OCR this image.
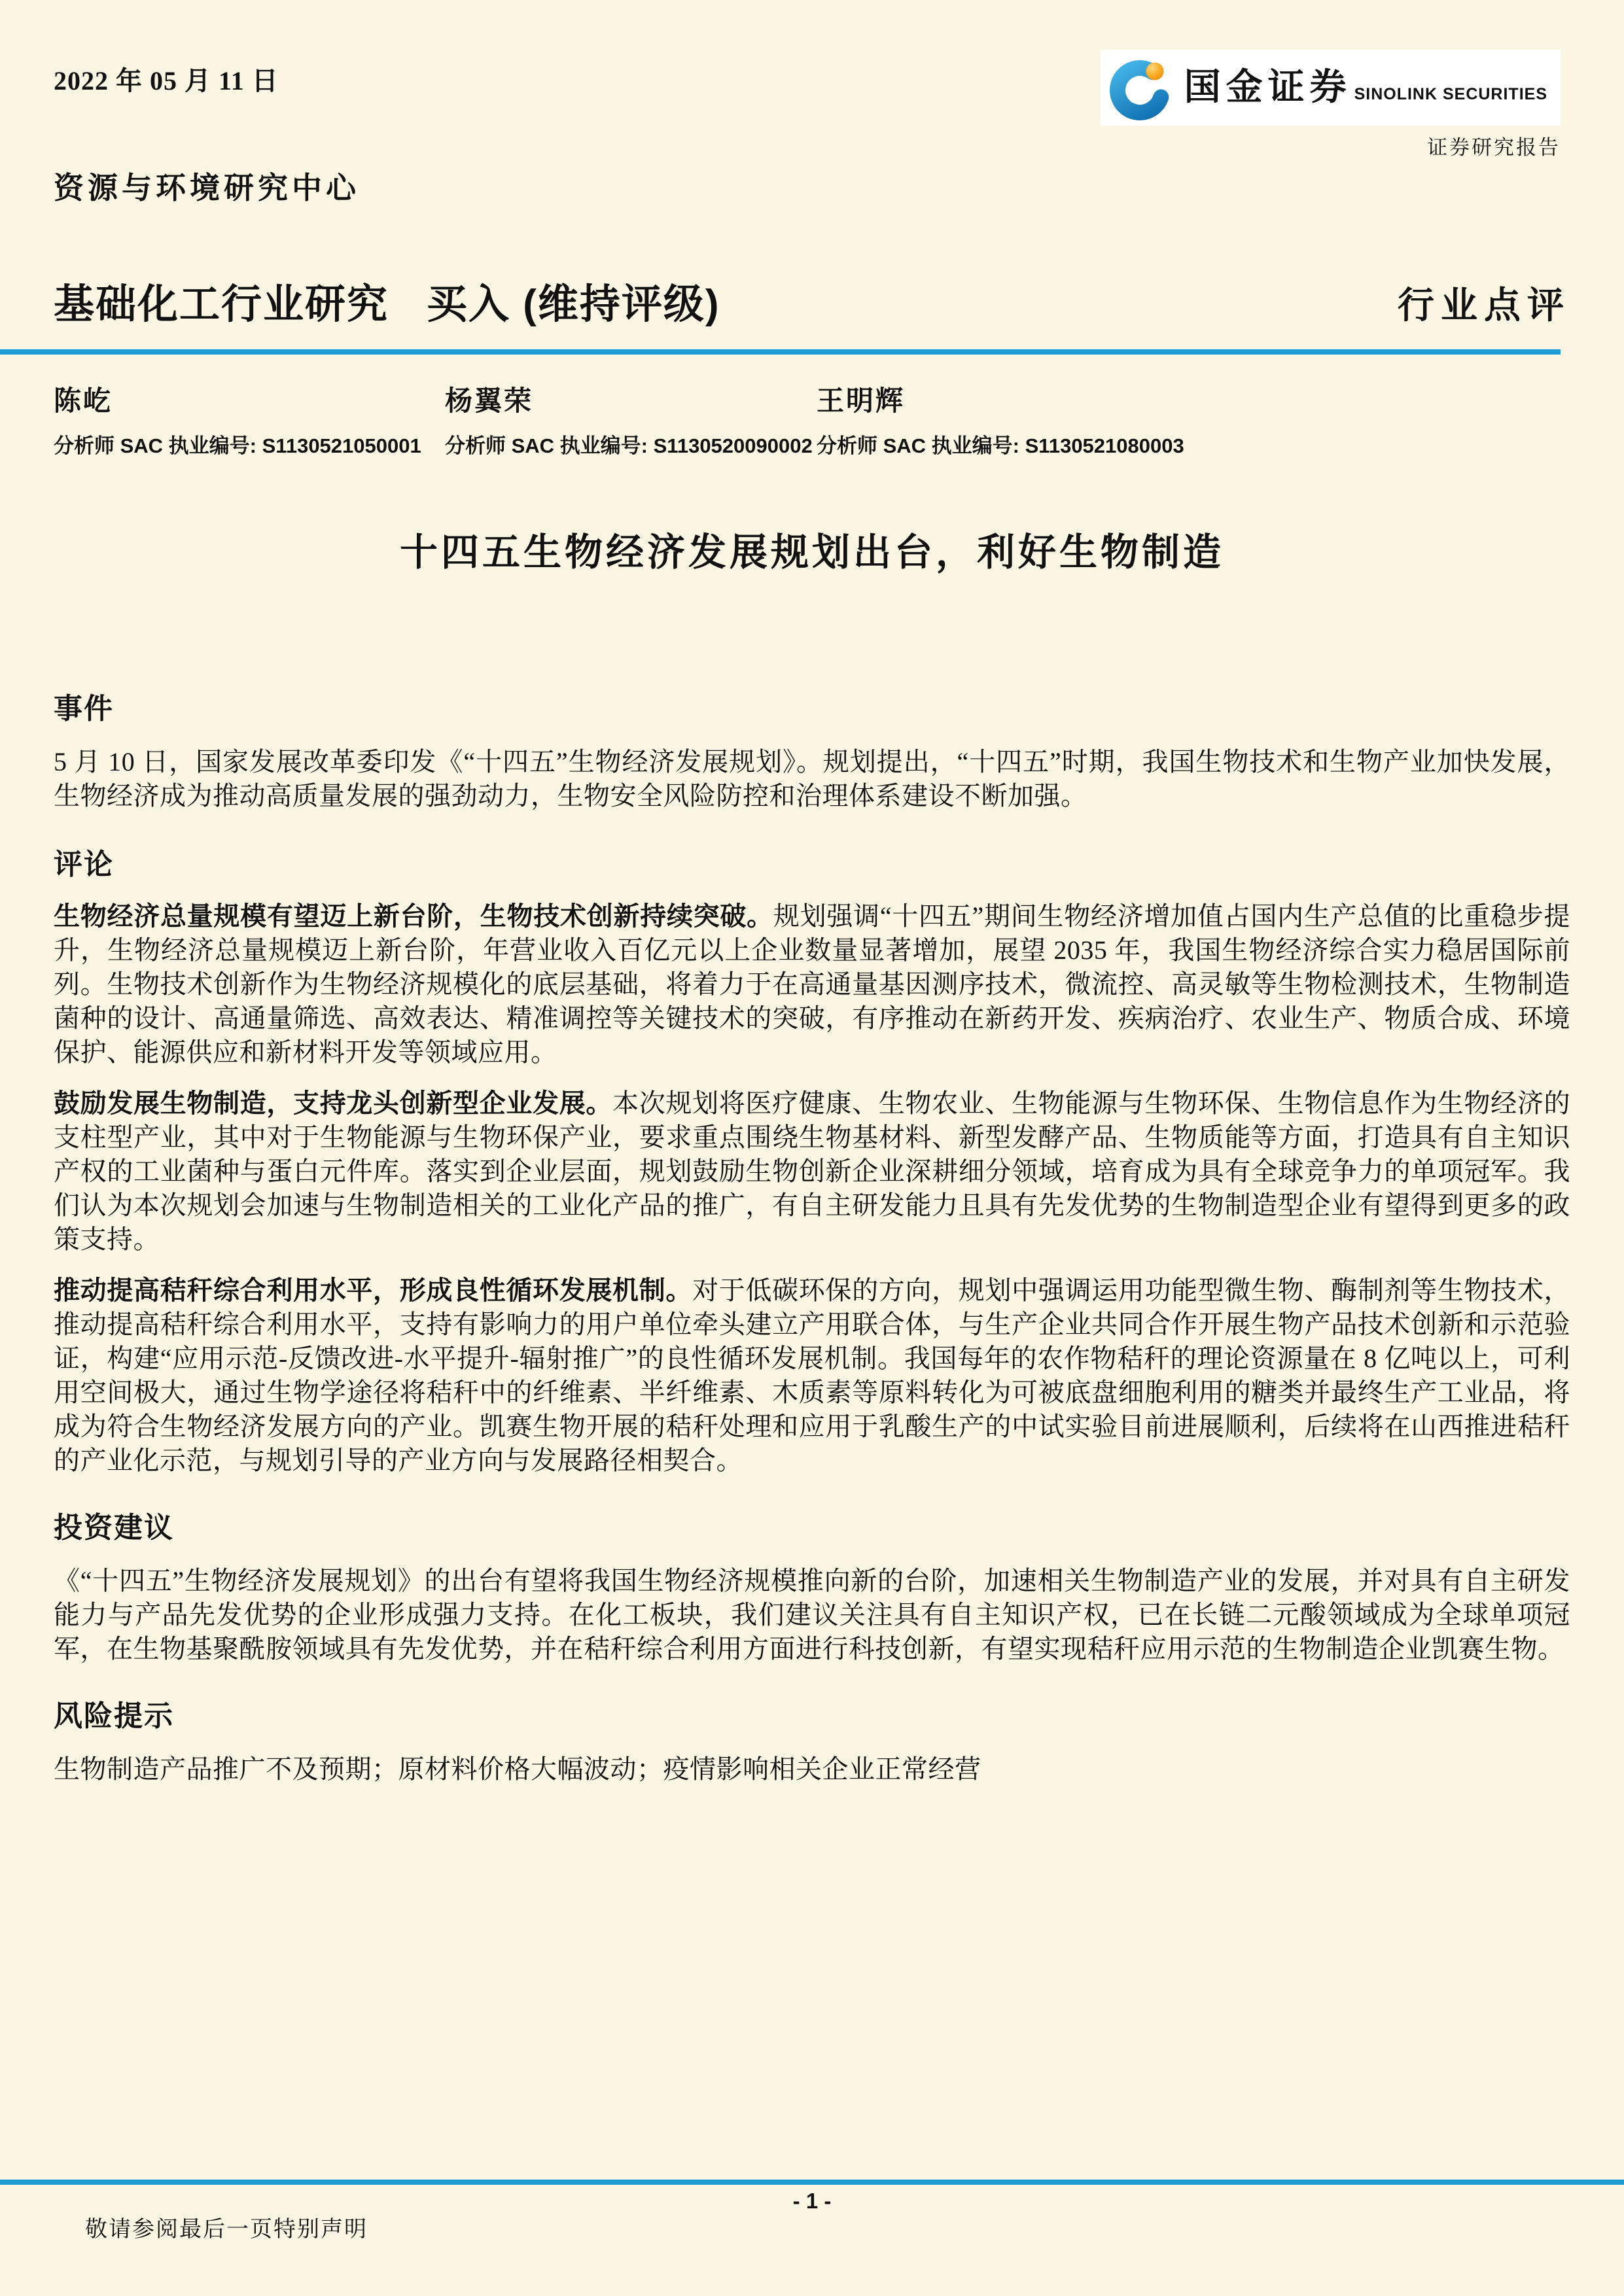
国金证券 SINOLINK SECURITIES
证券研究报告
2022 年 05 月 11 日
资源与环境研究中心
基础化工行业研究 买入 (维持评级)	行业点评
陈屹
分析师 SAC 执业编号: S1130521050001
杨翼荣
分析师 SAC 执业编号: S1130520090002
王明辉
分析师 SAC 执业编号: S1130521080003
十四五生物经济发展规划出台，利好生物制造
事件

5 月 10 日，国家发展改革委印发《“十四五”生物经济发展规划》。规划提出，“十四五”时期，我国生物技术和生物产业加快发展，生物经济成为推动高质量发展的强劲动力，生物安全风险防控和治理体系建设不断加强。

评论

生物经济总量规模有望迈上新台阶，生物技术创新持续突破。规划强调“十四五”期间生物经济增加值占国内生产总值的比重稳步提升，生物经济总量规模迈上新台阶，年营业收入百亿元以上企业数量显著增加，展望 2035 年，我国生物经济综合实力稳居国际前列。生物技术创新作为生物经济规模化的底层基础，将着力于在高通量基因测序技术，微流控、高灵敏等生物检测技术，生物制造菌种的设计、高通量筛选、高效表达、精准调控等关键技术的突破，有序推动在新药开发、疾病治疗、农业生产、物质合成、环境保护、能源供应和新材料开发等领域应用。

鼓励发展生物制造，支持龙头创新型企业发展。本次规划将医疗健康、生物农业、生物能源与生物环保、生物信息作为生物经济的支柱型产业，其中对于生物能源与生物环保产业，要求重点围绕生物基材料、新型发酵产品、生物质能等方面，打造具有自主知识产权的工业菌种与蛋白元件库。落实到企业层面，规划鼓励生物创新企业深耕细分领域，培育成为具有全球竞争力的单项冠军。我们认为本次规划会加速与生物制造相关的工业化产品的推广，有自主研发能力且具有先发优势的生物制造型企业有望得到更多的政策支持。

推动提高秸秆综合利用水平，形成良性循环发展机制。对于低碳环保的方向，规划中强调运用功能型微生物、酶制剂等生物技术，推动提高秸秆综合利用水平，支持有影响力的用户单位牵头建立产用联合体，与生产企业共同合作开展生物产品技术创新和示范验证，构建“应用示范-反馈改进-水平提升-辐射推广”的良性循环发展机制。我国每年的农作物秸秆的理论资源量在 8 亿吨以上，可利用空间极大，通过生物学途径将秸秆中的纤维素、半纤维素、木质素等原料转化为可被底盘细胞利用的糖类并最终生产工业品，将成为符合生物经济发展方向的产业。凯赛生物开展的秸秆处理和应用于乳酸生产的中试实验目前进展顺利，后续将在山西推进秸秆的产业化示范，与规划引导的产业方向与发展路径相契合。

投资建议

《“十四五”生物经济发展规划》的出台有望将我国生物经济规模推向新的台阶，加速相关生物制造产业的发展，并对具有自主研发能力与产品先发优势的企业形成强力支持。在化工板块，我们建议关注具有自主知识产权，已在长链二元酸领域成为全球单项冠军，在生物基聚酰胺领域具有先发优势，并在秸秆综合利用方面进行科技创新，有望实现秸秆应用示范的生物制造企业凯赛生物。

风险提示

生物制造产品推广不及预期；原材料价格大幅波动；疫情影响相关企业正常经营

- 1 -
敬请参阅最后一页特别声明
